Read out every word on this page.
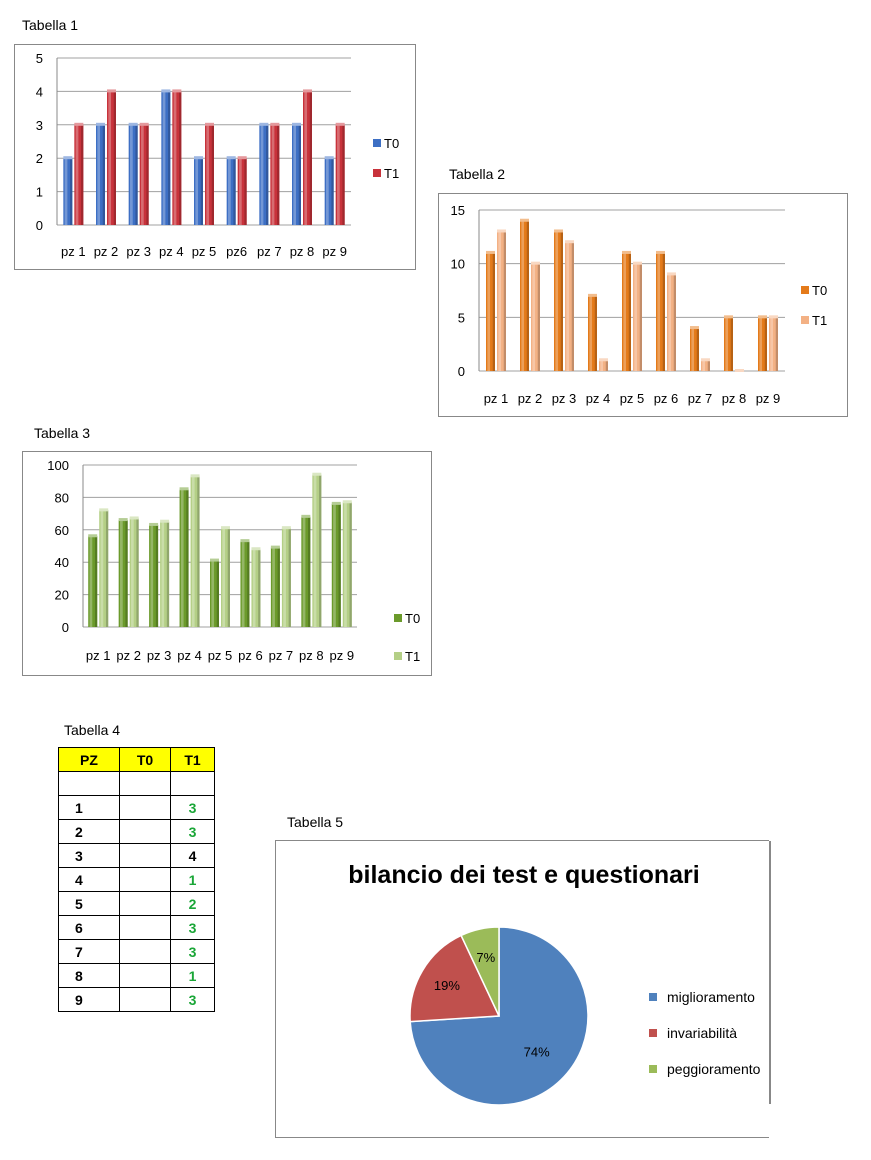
Tabella 1
Tabella 2
Tabella 3
Tabella 4
Tabella 5
0
1
2
3
4
5
pz 1 pz 2 pz 3 pz 4 pz 5 pz6 pz 7 pz 8 pz 9
T0
T1
0
5
10
15
pz 1 pz 2 pz 3 pz 4 pz 5 pz 6 pz 7 pz 8 pz 9
T0
T1
0
20
40
60
80
100
pz 1 pz 2 pz 3 pz 4 pz 5 pz 6 pz 7 pz 8 pz 9
T0
T1
PZ	T0	T1

1		3
2		3
3		4
4		1
5		2
6		3
7		3
8		1
9		3
bilancio dei test e questionari
74%
19%
7%
miglioramento
invariabilità
peggioramento
